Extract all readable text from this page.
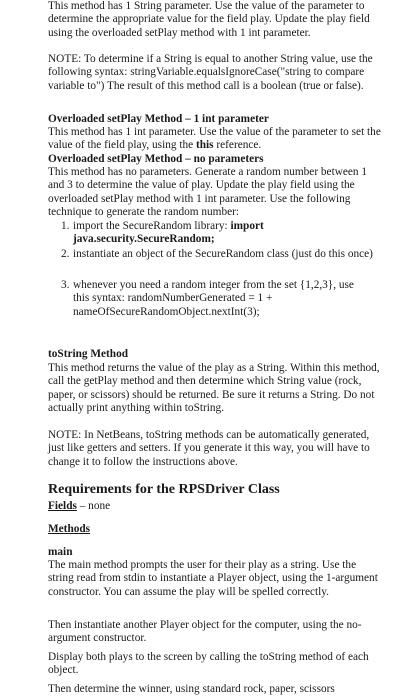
This method has 1 String parameter. Use the value of the parameter to determine the appropriate value for the field play. Update the play field using the overloaded setPlay method with 1 int parameter.

NOTE: To determine if a String is equal to another String value, use the following syntax: stringVariable.equalsIgnoreCase("string to compare variable to") The result of this method call is a boolean (true or false).

Overloaded setPlay Method – 1 int parameter

This method has 1 int parameter. Use the value of the parameter to set the value of the field play, using the this reference.

Overloaded setPlay Method – no parameters

This method has no parameters. Generate a random number between 1 and 3 to determine the value of play. Update the play field using the overloaded setPlay method with 1 int parameter. Use the following technique to generate the random number:

1. import the SecureRandom library: import java.security.SecureRandom;

2. instantiate an object of the SecureRandom class (just do this once)

3. whenever you need a random integer from the set {1,2,3}, use this syntax: randomNumberGenerated = 1 + nameOfSecureRandomObject.nextInt(3);

toString Method

This method returns the value of the play as a String. Within this method, call the getPlay method and then determine which String value (rock, paper, or scissors) should be returned. Be sure it returns a String. Do not actually print anything within toString.

NOTE: In NetBeans, toString methods can be automatically generated, just like getters and setters. If you generate it this way, you will have to change it to follow the instructions above.

Requirements for the RPSDriver Class

Fields – none

Methods

main

The main method prompts the user for their play as a string. Use the string read from stdin to instantiate a Player object, using the 1-argument constructor. You can assume the play will be spelled correctly.

Then instantiate another Player object for the computer, using the no-argument constructor.

Display both plays to the screen by calling the toString method of each object.

Then determine the winner, using standard rock, paper, scissors
